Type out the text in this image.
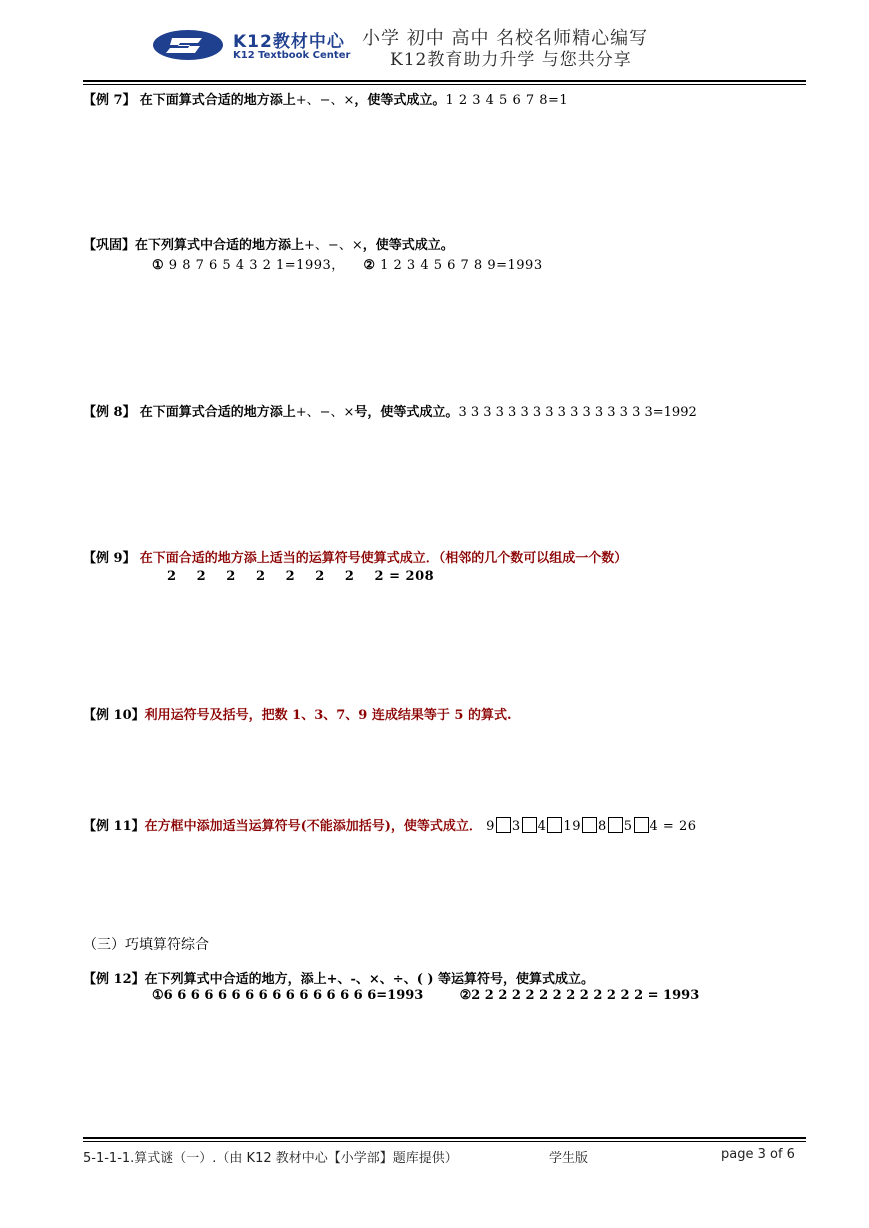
K12教材中心
K12 Textbook Center
小学 初中 高中 名校名师精心编写
K12教育助力升学 与您共分享
【例 7】 在下面算式合适的地方添上+、−、×，使等式成立。1 2 3 4 5 6 7 8=1
【巩固】在下列算式中合适的地方添上+、−、×，使等式成立。
① 9 8 7 6 5 4 3 2 1=1993， ② 1 2 3 4 5 6 7 8 9=1993
【例 8】 在下面算式合适的地方添上+、−、×号，使等式成立。3 3 3 3 3 3 3 3 3 3 3 3 3 3 3 3=1992
【例 9】 在下面合适的地方添上适当的运算符号使算式成立．（相邻的几个数可以组成一个数）
2    2    2    2    2    2    2    2 = 208
【例 10】利用运符号及括号，把数 1、3、7、9 连成结果等于 5 的算式.
【例 11】在方框中添加适当运算符号(不能添加括号)，使等式成立． 9 3 4 19 8 5 4 = 26
（三）巧填算符综合
【例 12】在下列算式中合适的地方，添上+、-、×、÷、( ) 等运算符号，使算式成立。
①6 6 6 6 6 6 6 6 6 6 6 6 6 6 6 6=1993	②2 2 2 2 2 2 2 2 2 2 2 2 2 = 1993
5-1-1-1.算式谜（一）.（由 K12 教材中心【小学部】题库提供）	学生版	page 3 of 6
